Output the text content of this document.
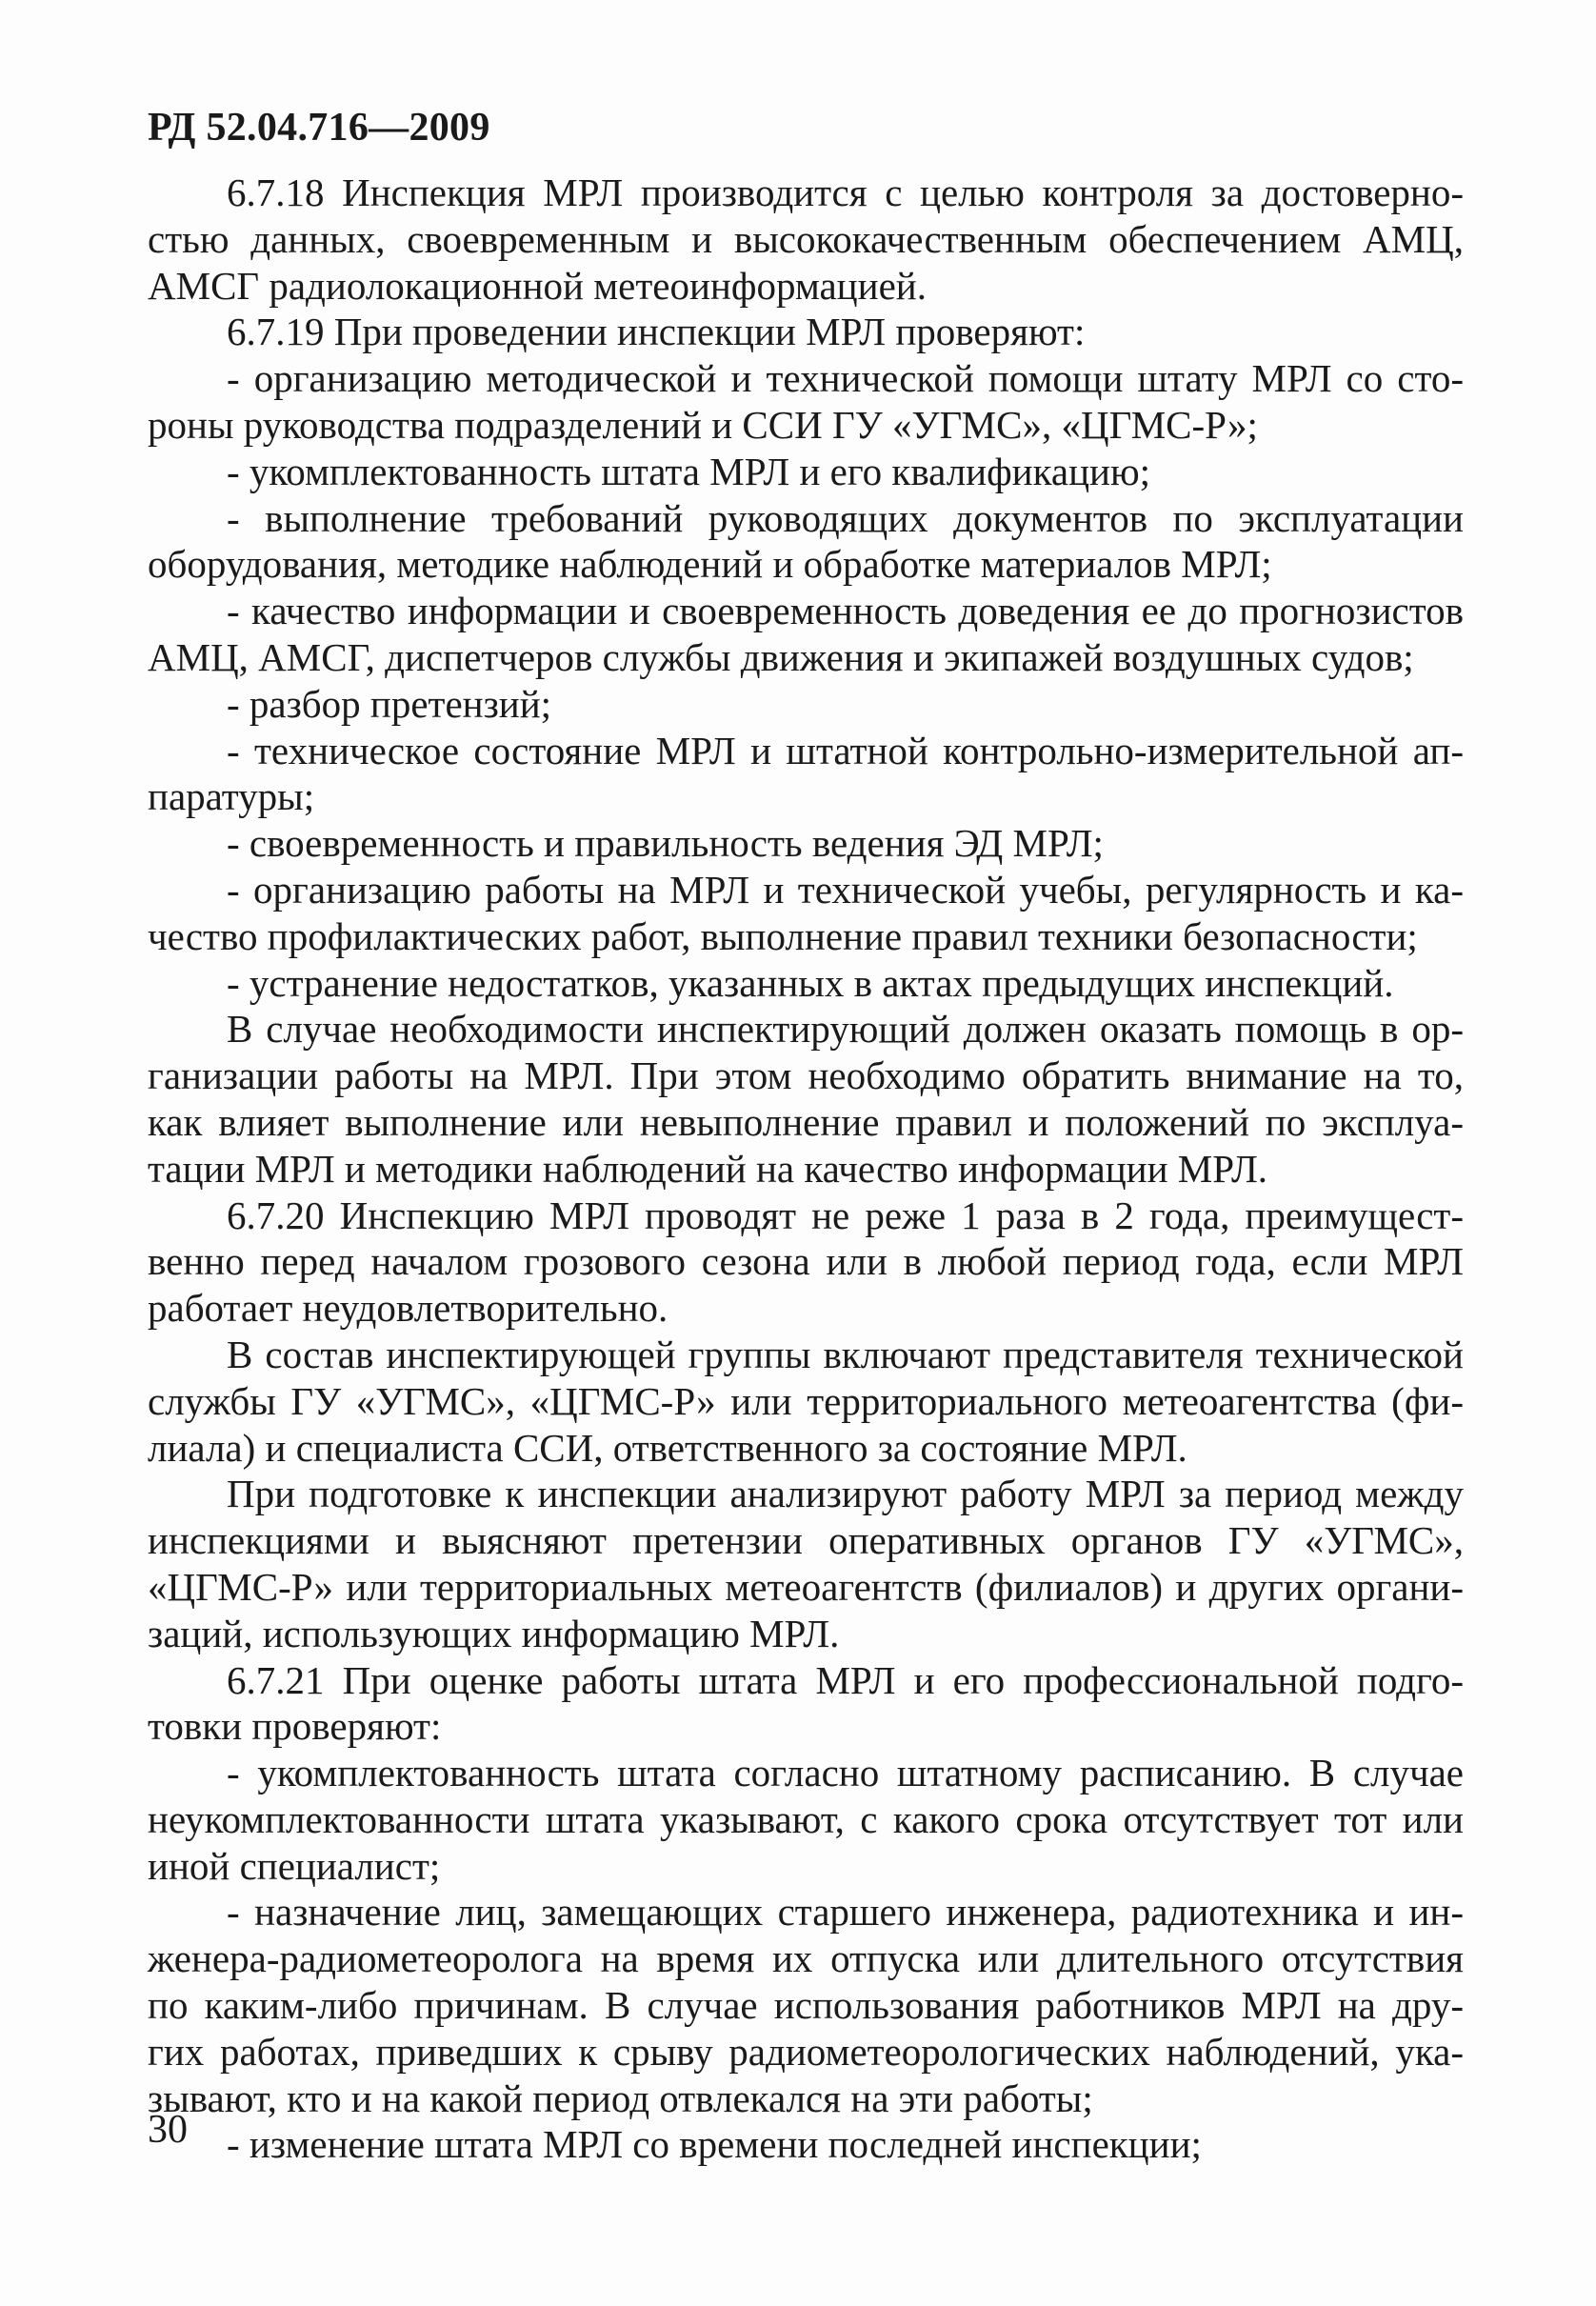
РД 52.04.716—2009

6.7.18 Инспекция МРЛ производится с целью контроля за достоверно-
стью данных, своевременным и высококачественным обеспечением АМЦ,
АМСГ радиолокационной метеоинформацией.

6.7.19 При проведении инспекции МРЛ проверяют:

- организацию методической и технической помощи штату МРЛ со сто-
роны руководства подразделений и ССИ ГУ «УГМС», «ЦГМС-Р»;

- укомплектованность штата МРЛ и его квалификацию;

- выполнение требований руководящих документов по эксплуатации
оборудования, методике наблюдений и обработке материалов МРЛ;

- качество информации и своевременность доведения ее до прогнозистов
АМЦ, АМСГ, диспетчеров службы движения и экипажей воздушных судов;

- разбор претензий;

- техническое состояние МРЛ и штатной контрольно-измерительной ап-
паратуры;

- своевременность и правильность ведения ЭД МРЛ;

- организацию работы на МРЛ и технической учебы, регулярность и ка-
чество профилактических работ, выполнение правил техники безопасности;

- устранение недостатков, указанных в актах предыдущих инспекций.

В случае необходимости инспектирующий должен оказать помощь в ор-
ганизации работы на МРЛ. При этом необходимо обратить внимание на то,
как влияет выполнение или невыполнение правил и положений по эксплуа-
тации МРЛ и методики наблюдений на качество информации МРЛ.

6.7.20 Инспекцию МРЛ проводят не реже 1 раза в 2 года, преимущест-
венно перед началом грозового сезона или в любой период года, если МРЛ
работает неудовлетворительно.

В состав инспектирующей группы включают представителя технической
службы ГУ «УГМС», «ЦГМС-Р» или территориального метеоагентства (фи-
лиала) и специалиста ССИ, ответственного за состояние МРЛ.

При подготовке к инспекции анализируют работу МРЛ за период между
инспекциями и выясняют претензии оперативных органов ГУ «УГМС»,
«ЦГМС-Р» или территориальных метеоагентств (филиалов) и других органи-
заций, использующих информацию МРЛ.

6.7.21 При оценке работы штата МРЛ и его профессиональной подго-
товки проверяют:

- укомплектованность штата согласно штатному расписанию. В случае
неукомплектованности штата указывают, с какого срока отсутствует тот или
иной специалист;

- назначение лиц, замещающих старшего инженера, радиотехника и ин-
женера-радиометеоролога на время их отпуска или длительного отсутствия
по каким-либо причинам. В случае использования работников МРЛ на дру-
гих работах, приведших к срыву радиометеорологических наблюдений, ука-
зывают, кто и на какой период отвлекался на эти работы;

- изменение штата МРЛ со времени последней инспекции;

30
